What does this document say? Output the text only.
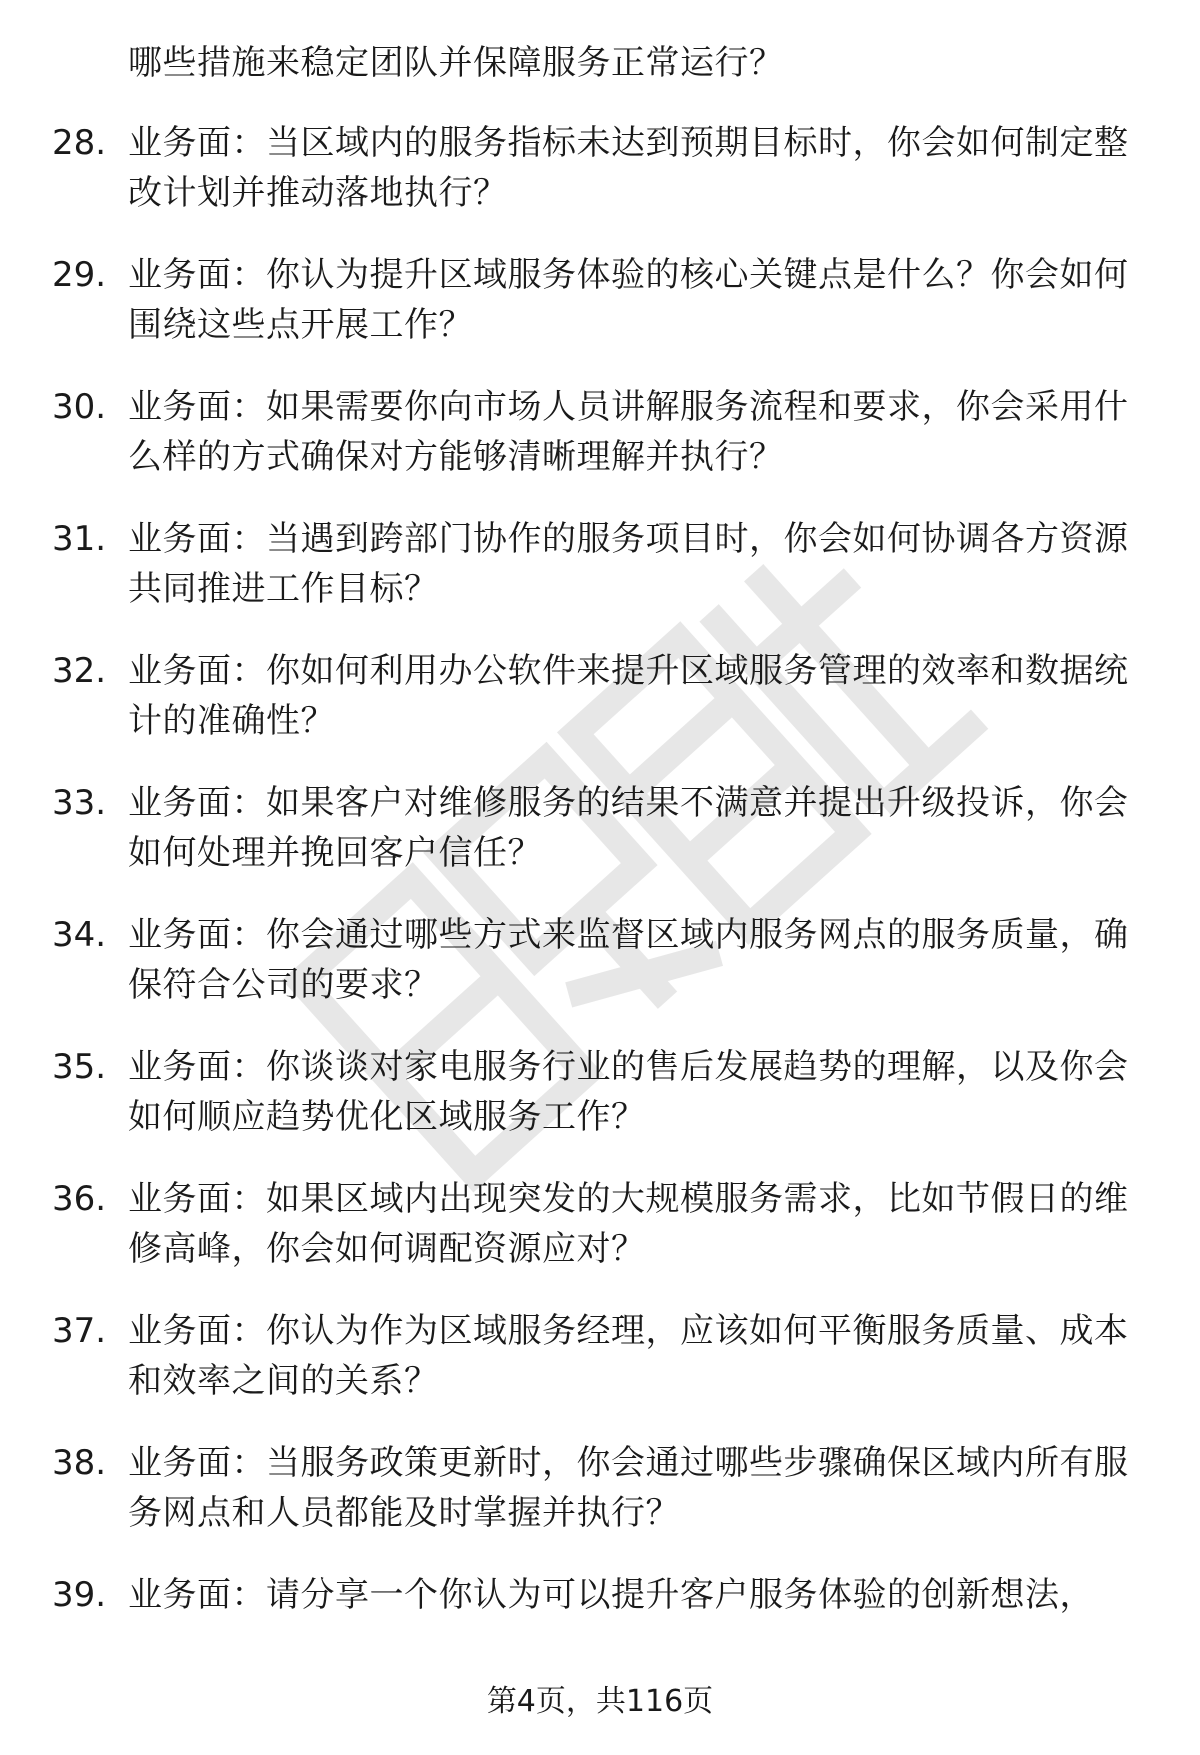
哪些措施来稳定团队并保障服务正常运行？
28. 业务面：当区域内的服务指标未达到预期目标时，你会如何制定整改计划并推动落地执行？
29. 业务面：你认为提升区域服务体验的核心关键点是什么？你会如何围绕这些点开展工作？
30. 业务面：如果需要你向市场人员讲解服务流程和要求，你会采用什么样的方式确保对方能够清晰理解并执行？
31. 业务面：当遇到跨部门协作的服务项目时，你会如何协调各方资源共同推进工作目标？
32. 业务面：你如何利用办公软件来提升区域服务管理的效率和数据统计的准确性？
33. 业务面：如果客户对维修服务的结果不满意并提出升级投诉，你会如何处理并挽回客户信任？
34. 业务面：你会通过哪些方式来监督区域内服务网点的服务质量，确保符合公司的要求？
35. 业务面：你谈谈对家电服务行业的售后发展趋势的理解，以及你会如何顺应趋势优化区域服务工作？
36. 业务面：如果区域内出现突发的大规模服务需求，比如节假日的维修高峰，你会如何调配资源应对？
37. 业务面：你认为作为区域服务经理，应该如何平衡服务质量、成本和效率之间的关系？
38. 业务面：当服务政策更新时，你会通过哪些步骤确保区域内所有服务网点和人员都能及时掌握并执行？
39. 业务面：请分享一个你认为可以提升客户服务体验的创新想法，
第4页，共116页
